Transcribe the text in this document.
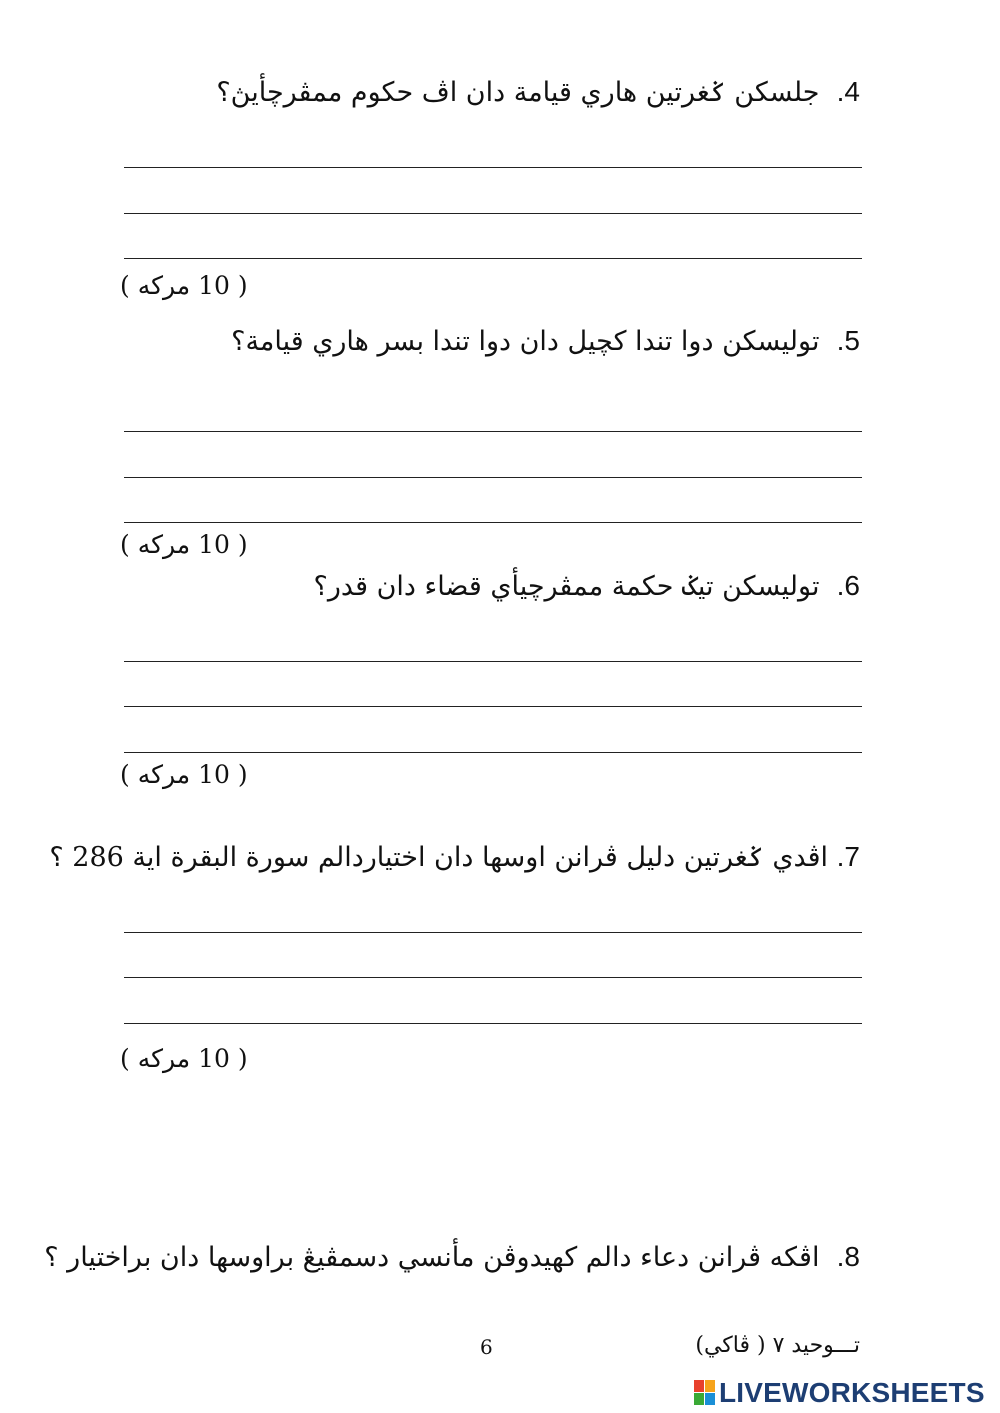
4.  جلسكن ݢغرتين هاري قيامة دان اڤ حكوم ممڤرچأيڽ؟
( 10 مركه )
5.  توليسكن دوا تندا كچيل دان دوا تندا بسر هاري قيامة؟
( 10 مركه )
6.  توليسكن تيݢ حكمة ممڤرچيأي قضاء دان قدر؟
( 10 مركه )
7. اڤدي ݢغرتين دليل ڤرانن اوسها دان اختياردالم سورة البقرة اية 286 ؟
( 10 مركه )
8.  اڤكه ڤرانن دعاء دالم كهيدوڤن مأنسي دسمڤيڠ براوسها دان براختيار ؟
6	تـــوحيد ٧ ( ڤاكي)
LIVEWORKSHEETS
